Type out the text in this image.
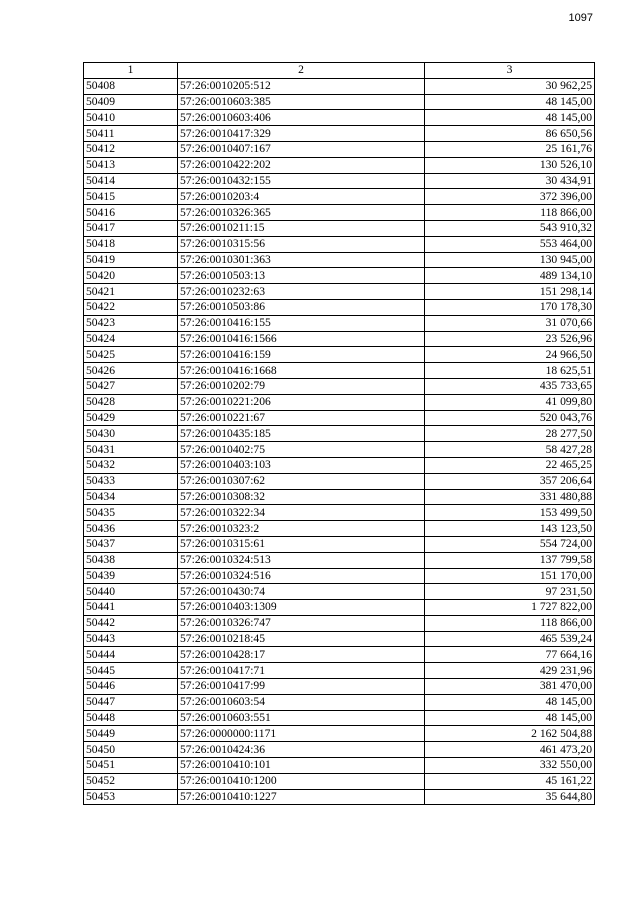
1097
1	2	3
50408	57:26:0010205:512	30 962,25
50409	57:26:0010603:385	48 145,00
50410	57:26:0010603:406	48 145,00
50411	57:26:0010417:329	86 650,56
50412	57:26:0010407:167	25 161,76
50413	57:26:0010422:202	130 526,10
50414	57:26:0010432:155	30 434,91
50415	57:26:0010203:4	372 396,00
50416	57:26:0010326:365	118 866,00
50417	57:26:0010211:15	543 910,32
50418	57:26:0010315:56	553 464,00
50419	57:26:0010301:363	130 945,00
50420	57:26:0010503:13	489 134,10
50421	57:26:0010232:63	151 298,14
50422	57:26:0010503:86	170 178,30
50423	57:26:0010416:155	31 070,66
50424	57:26:0010416:1566	23 526,96
50425	57:26:0010416:159	24 966,50
50426	57:26:0010416:1668	18 625,51
50427	57:26:0010202:79	435 733,65
50428	57:26:0010221:206	41 099,80
50429	57:26:0010221:67	520 043,76
50430	57:26:0010435:185	28 277,50
50431	57:26:0010402:75	58 427,28
50432	57:26:0010403:103	22 465,25
50433	57:26:0010307:62	357 206,64
50434	57:26:0010308:32	331 480,88
50435	57:26:0010322:34	153 499,50
50436	57:26:0010323:2	143 123,50
50437	57:26:0010315:61	554 724,00
50438	57:26:0010324:513	137 799,58
50439	57:26:0010324:516	151 170,00
50440	57:26:0010430:74	97 231,50
50441	57:26:0010403:1309	1 727 822,00
50442	57:26:0010326:747	118 866,00
50443	57:26:0010218:45	465 539,24
50444	57:26:0010428:17	77 664,16
50445	57:26:0010417:71	429 231,96
50446	57:26:0010417:99	381 470,00
50447	57:26:0010603:54	48 145,00
50448	57:26:0010603:551	48 145,00
50449	57:26:0000000:1171	2 162 504,88
50450	57:26:0010424:36	461 473,20
50451	57:26:0010410:101	332 550,00
50452	57:26:0010410:1200	45 161,22
50453	57:26:0010410:1227	35 644,80
